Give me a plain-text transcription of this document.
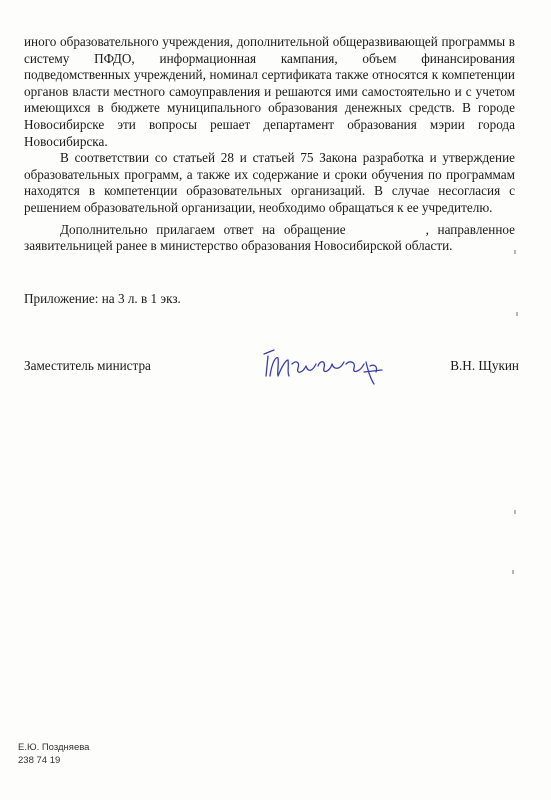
иного образовательного учреждения, дополнительной общеразвивающей программы в систему ПФДО, информационная кампания, объем финансирования подведомственных учреждений, номинал сертификата также относятся к компетенции органов власти местного самоуправления и решаются ими самостоятельно и с учетом имеющихся в бюджете муниципального образования денежных средств. В городе Новосибирске эти вопросы решает департамент образования мэрии города Новосибирска.

В соответствии со статьей 28 и статьей 75 Закона разработка и утверждение образовательных программ, а также их содержание и сроки обучения по программам находятся в компетенции образовательных организаций. В случае несогласия с решением образовательной организации, необходимо обращаться к ее учредителю.

Дополнительно прилагаем ответ на обращение	, направленное заявительницей ранее в министерство образования Новосибирской области.

Приложение: на 3 л. в 1 экз.
Заместитель министра	В.Н. Щукин
Е.Ю. Поздняева
238 74 19
